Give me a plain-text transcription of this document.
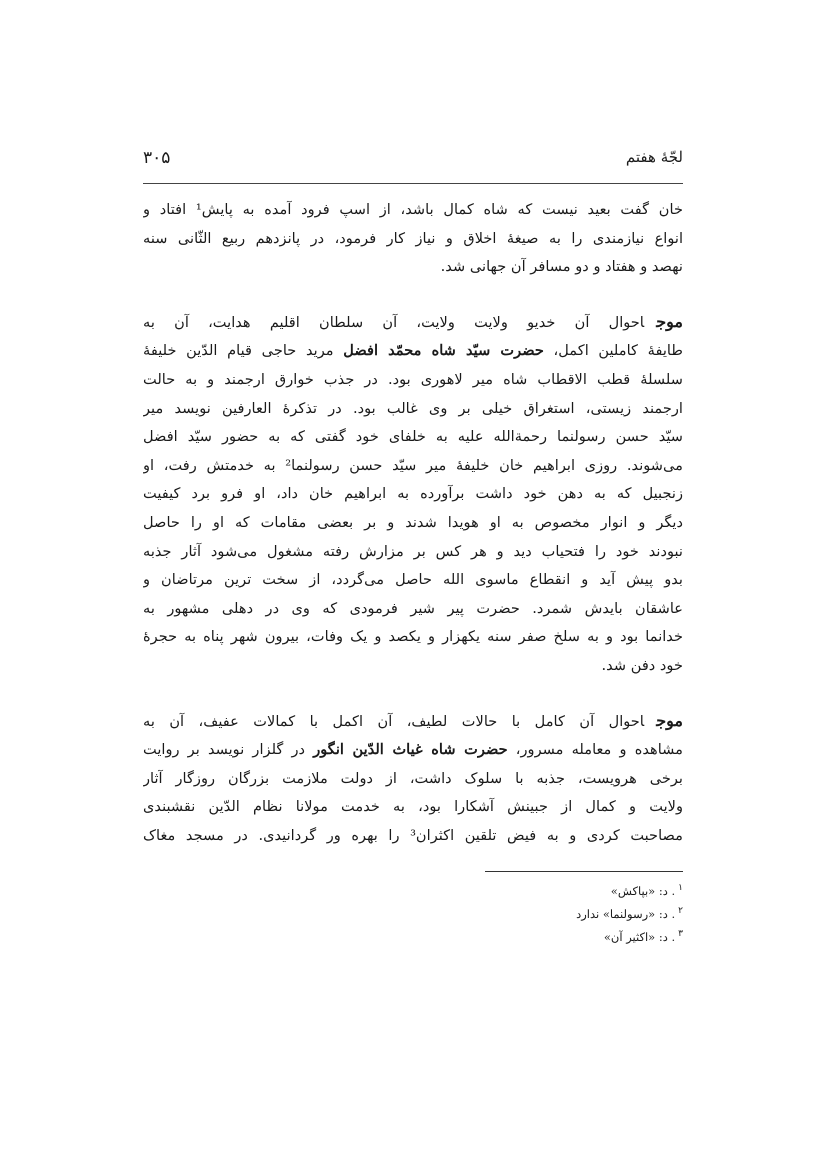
لجّهٔ هفتم
۳۰۵
خان گفت بعید نیست که شاه کمال باشد، از اسپ فرود آمده به پایش¹ افتاد و
انواع نیازمندی را به صیغهٔ اخلاق و نیاز کار فرمود، در پانزدهم ربیع الثّانی سنه
نهصد و هفتاد و دو مسافر آن جهانی شد.
موجاحوال آن خدیو ولایت ولایت، آن سلطان اقلیم هدایت، آن به
طایفهٔ کاملین اکمل، حضرت سیّد شاه محمّد افضل مرید حاجی قیام الدّین خلیفهٔ
سلسلهٔ قطب الاقطاب شاه میر لاهوری بود. در جذب خوارق ارجمند و به حالت
ارجمند زیستی، استغراق خیلی بر وی غالب بود. در تذکرهٔ العارفین نویسد میر
سیّد حسن رسولنما رحمةالله علیه به خلفای خود گفتی که به حضور سیّد افضل
می‌شوند. روزی ابراهیم خان خلیفهٔ میر سیّد حسن رسولنما² به خدمتش رفت، او
زنجبیل که به دهن خود داشت برآورده به ابراهیم خان داد، او فرو برد کیفیت
دیگر و انوار مخصوص به او هویدا شدند و بر بعضی مقامات که او را حاصل
نبودند خود را فتحیاب دید و هر کس بر مزارش رفته مشغول می‌شود آثار جذبه
بدو پیش آید و انقطاع ماسوی الله حاصل می‌گردد، از سخت ترین مرتاضان و
عاشقان بایدش شمرد. حضرت پیر شیر فرمودی که وی در دهلی مشهور به
خدانما بود و به سلخ صفر سنه یکهزار و یکصد و یک وفات، بیرون شهر پناه به حجرهٔ
خود دفن شد.
موجاحوال آن کامل با حالات لطیف، آن اکمل با کمالات عفیف، آن به
مشاهده و معامله مسرور، حضرت شاه غیاث الدّین انگور در گلزار نویسد بر روایت
برخی هرویست، جذبه با سلوک داشت، از دولت ملازمت بزرگان روزگار آثار
ولایت و کمال از جبینش آشکارا بود، به خدمت مولانا نظام الدّین نقشبندی
مصاحبت کردی و به فیض تلقین اکثران³ را بهره ور گردانیدی. در مسجد مغاک
$^١$. د: «بپاکش»
$^٢$. د: «رسولنما» ندارد
$^٣$. د: «اکثیر آن»
